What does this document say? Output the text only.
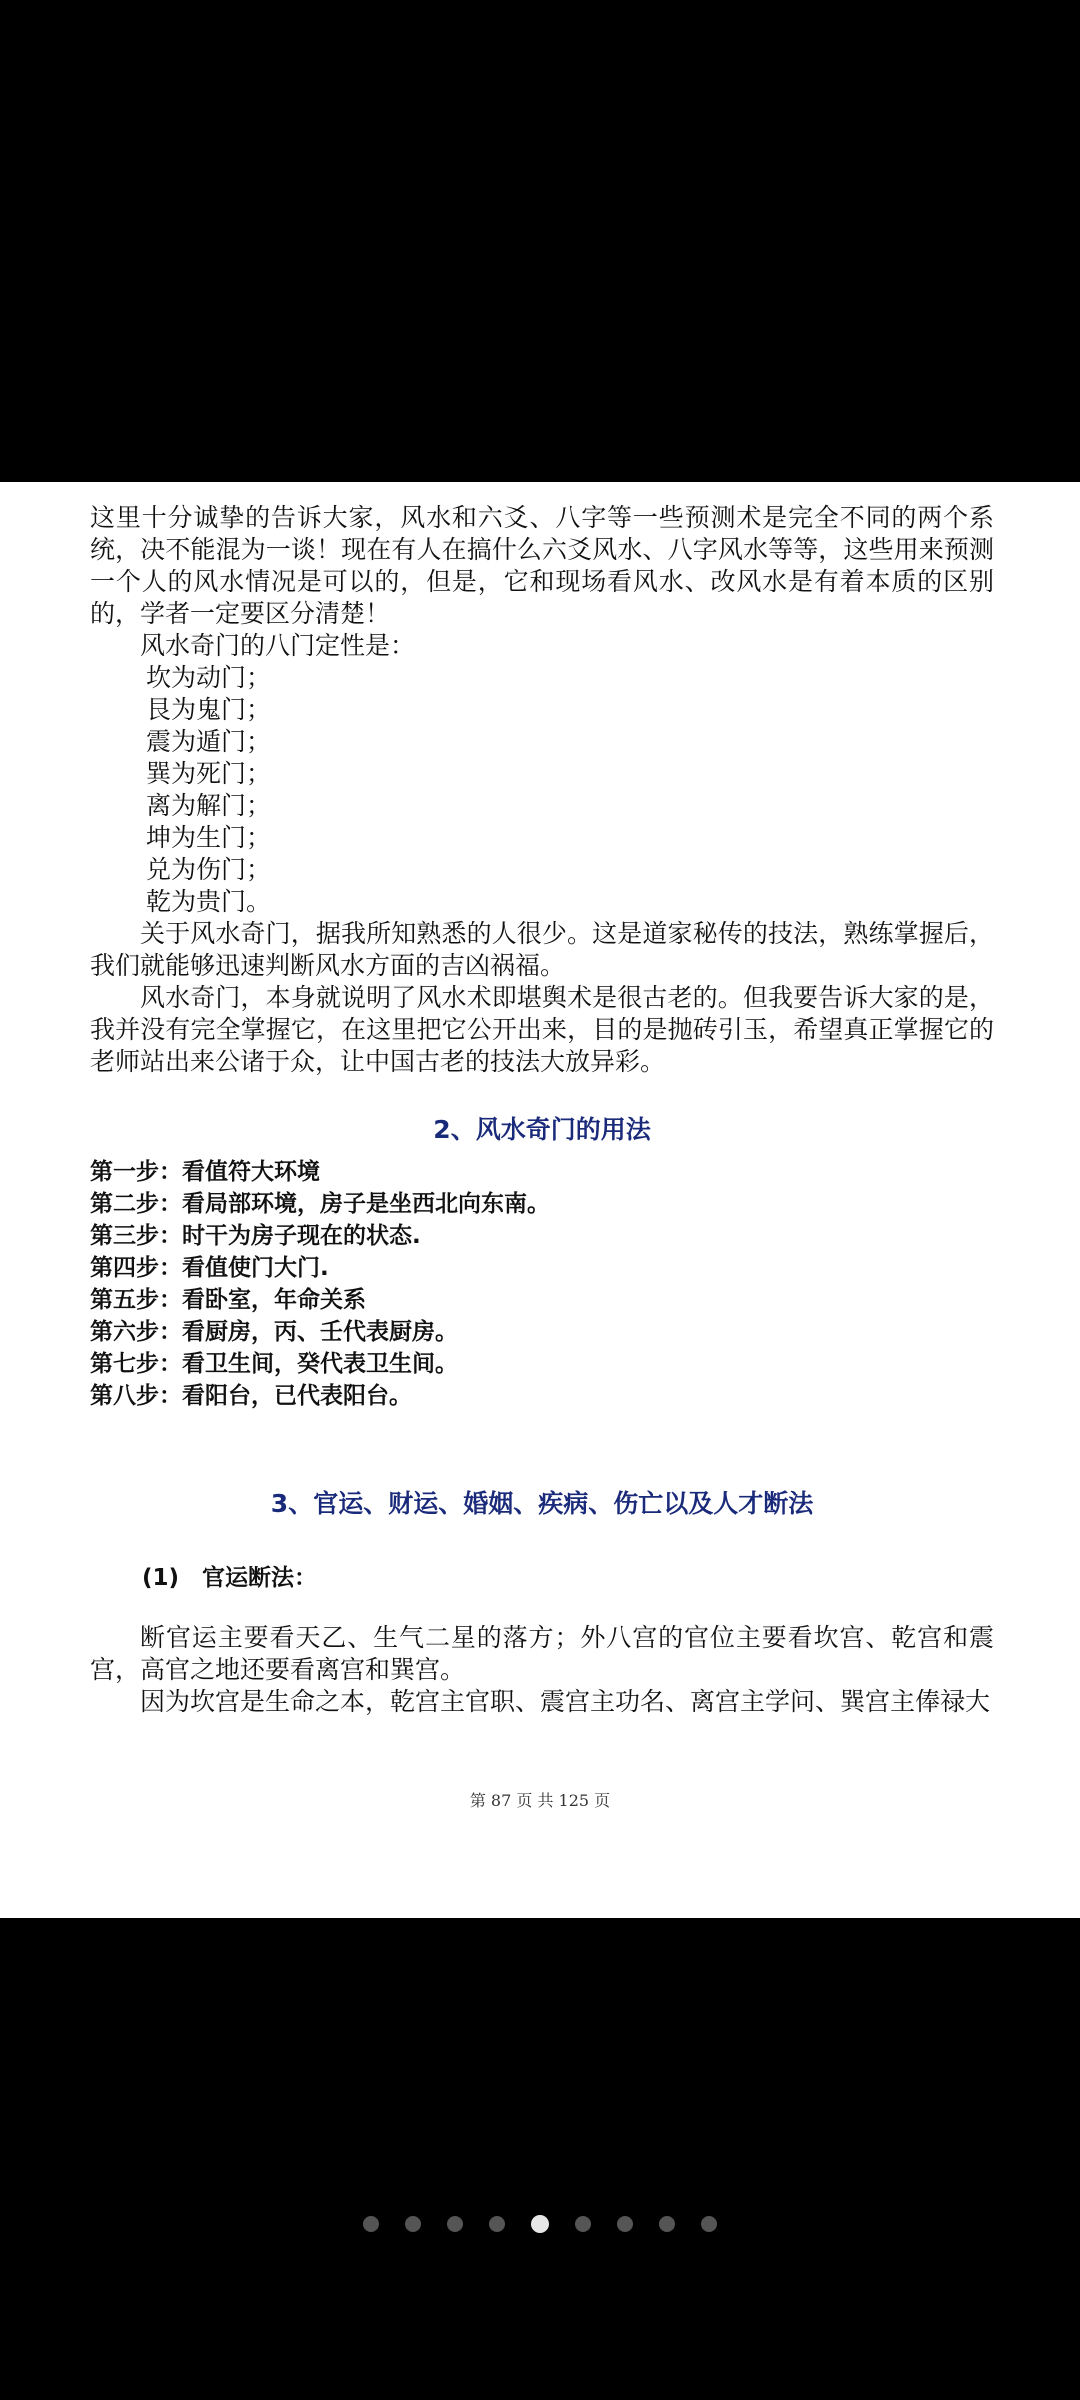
这里十分诚挚的告诉大家，风水和六爻、八字等一些预测术是完全不同的两个系统，决不能混为一谈！现在有人在搞什么六爻风水、八字风水等等，这些用来预测一个人的风水情况是可以的，但是，它和现场看风水、改风水是有着本质的区别的，学者一定要区分清楚！

风水奇门的八门定性是：

坎为动门；

艮为鬼门；

震为遁门；

巽为死门；

离为解门；

坤为生门；

兑为伤门；

乾为贵门。

关于风水奇门，据我所知熟悉的人很少。这是道家秘传的技法，熟练掌握后，我们就能够迅速判断风水方面的吉凶祸福。

风水奇门，本身就说明了风水术即堪舆术是很古老的。但我要告诉大家的是，我并没有完全掌握它，在这里把它公开出来，目的是抛砖引玉，希望真正掌握它的老师站出来公诸于众，让中国古老的技法大放异彩。

2、风水奇门的用法

第一步：看值符大环境

第二步：看局部环境，房子是坐西北向东南。

第三步：时干为房子现在的状态.

第四步：看值使门大门.

第五步：看卧室，年命关系

第六步：看厨房，丙、壬代表厨房。

第七步：看卫生间，癸代表卫生间。

第八步：看阳台，已代表阳台。

3、官运、财运、婚姻、疾病、伤亡以及人才断法

(1)　官运断法：

断官运主要看天乙、生气二星的落方；外八宫的官位主要看坎宫、乾宫和震宫，高官之地还要看离宫和巽宫。

因为坎宫是生命之本，乾宫主官职、震宫主功名、离宫主学问、巽宫主俸禄大

第 87 页 共 125 页
